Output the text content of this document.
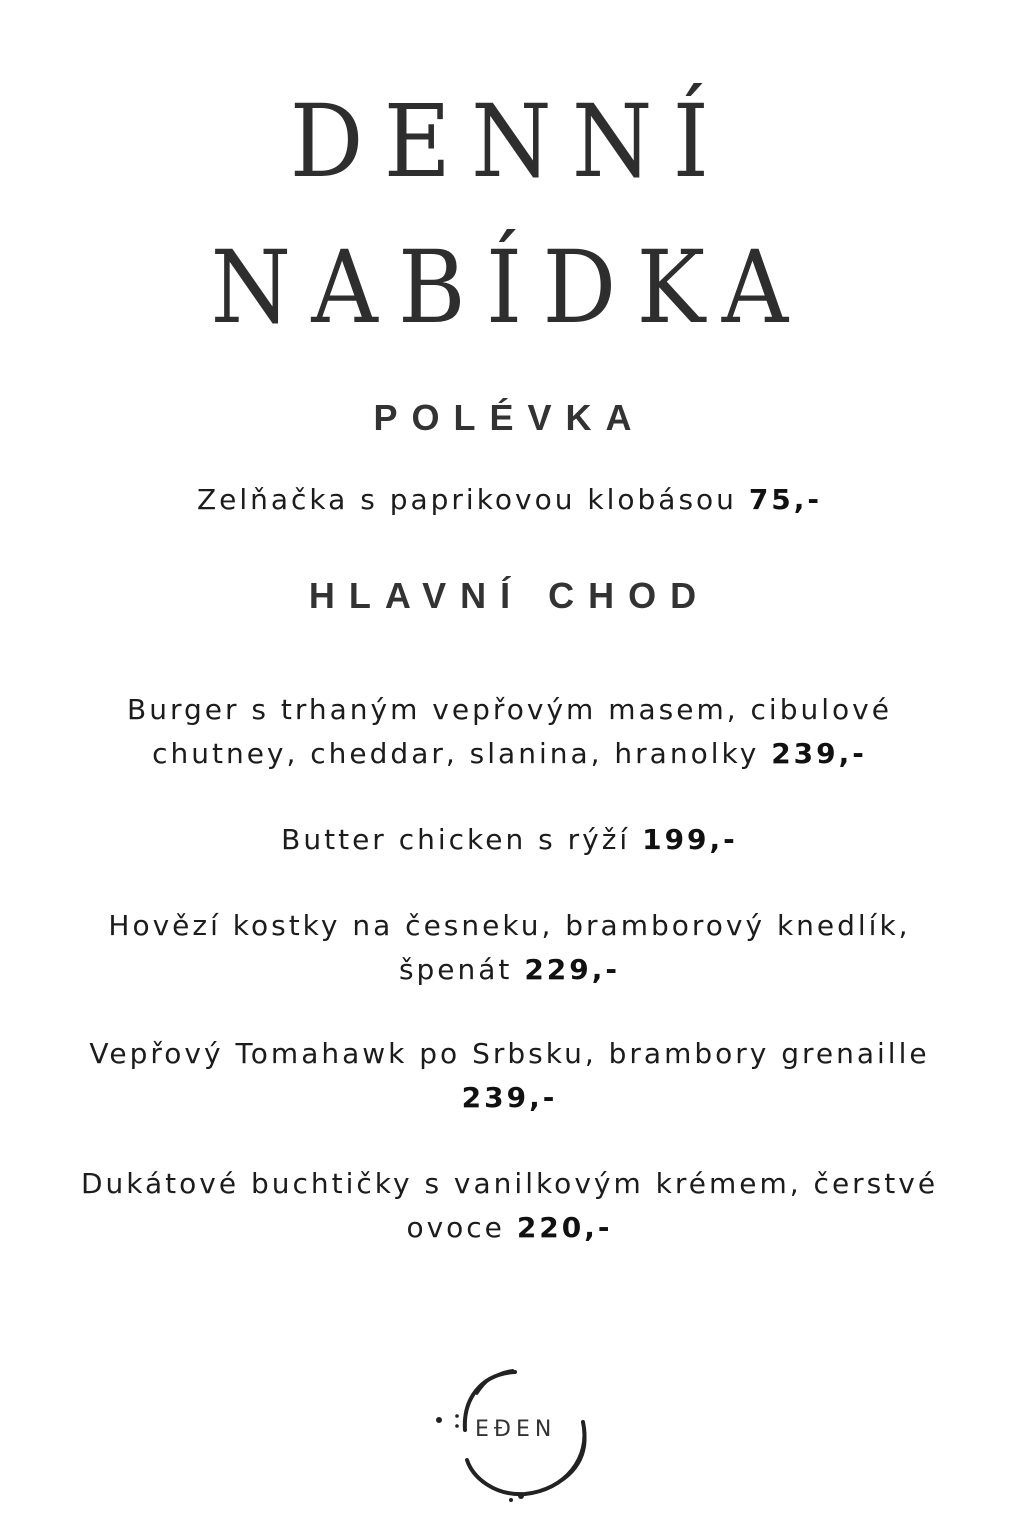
DENNÍ
NABÍDKA
POLÉVKA
Zelňačka s paprikovou klobásou 75,-
HLAVNÍ CHOD
Burger s trhaným vepřovým masem, cibulové chutney, cheddar, slanina, hranolky 239,-
Butter chicken s rýží 199,-
Hovězí kostky na česneku, bramborový knedlík, špenát 229,-
Vepřový Tomahawk po Srbsku, brambory grenaille 239,-
Dukátové buchtičky s vanilkovým krémem, čerstvé ovoce 220,-
EÐEN
